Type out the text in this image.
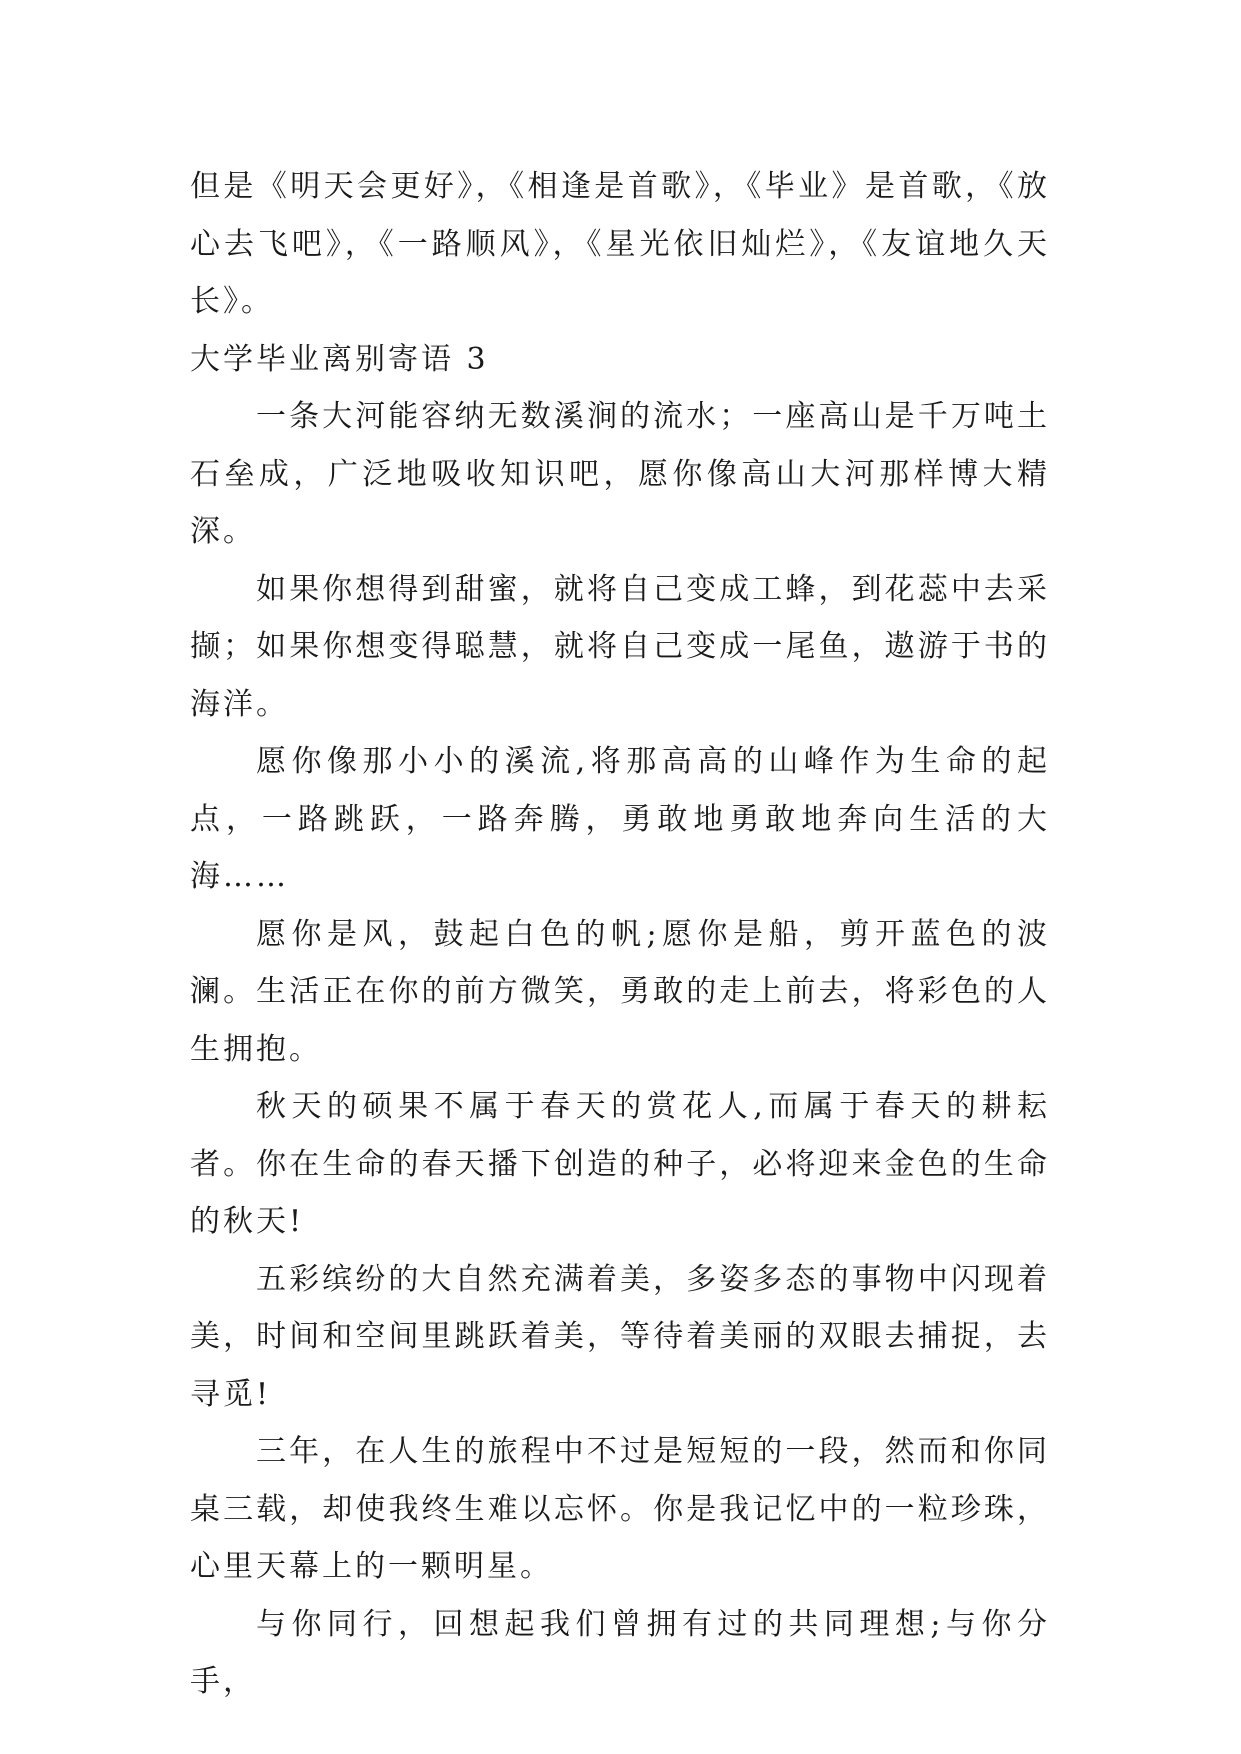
但是《明天会更好》，《相逢是首歌》，《毕业》是首歌，《放心去飞吧》，《一路顺风》，《星光依旧灿烂》，《友谊地久天长》。

大学毕业离别寄语 3

一条大河能容纳无数溪涧的流水；一座高山是千万吨土石垒成，广泛地吸收知识吧，愿你像高山大河那样博大精深。

如果你想得到甜蜜，就将自己变成工蜂，到花蕊中去采撷；如果你想变得聪慧，就将自己变成一尾鱼，遨游于书的海洋。

愿你像那小小的溪流,将那高高的山峰作为生命的起点，一路跳跃，一路奔腾，勇敢地勇敢地奔向生活的大海……

愿你是风，鼓起白色的帆;愿你是船，剪开蓝色的波澜。生活正在你的前方微笑，勇敢的走上前去，将彩色的人生拥抱。

秋天的硕果不属于春天的赏花人,而属于春天的耕耘者。你在生命的春天播下创造的种子，必将迎来金色的生命的秋天!

五彩缤纷的大自然充满着美，多姿多态的事物中闪现着美，时间和空间里跳跃着美，等待着美丽的双眼去捕捉，去寻觅!

三年，在人生的旅程中不过是短短的一段，然而和你同桌三载，却使我终生难以忘怀。你是我记忆中的一粒珍珠，心里天幕上的一颗明星。

与你同行，回想起我们曾拥有过的共同理想;与你分手，
